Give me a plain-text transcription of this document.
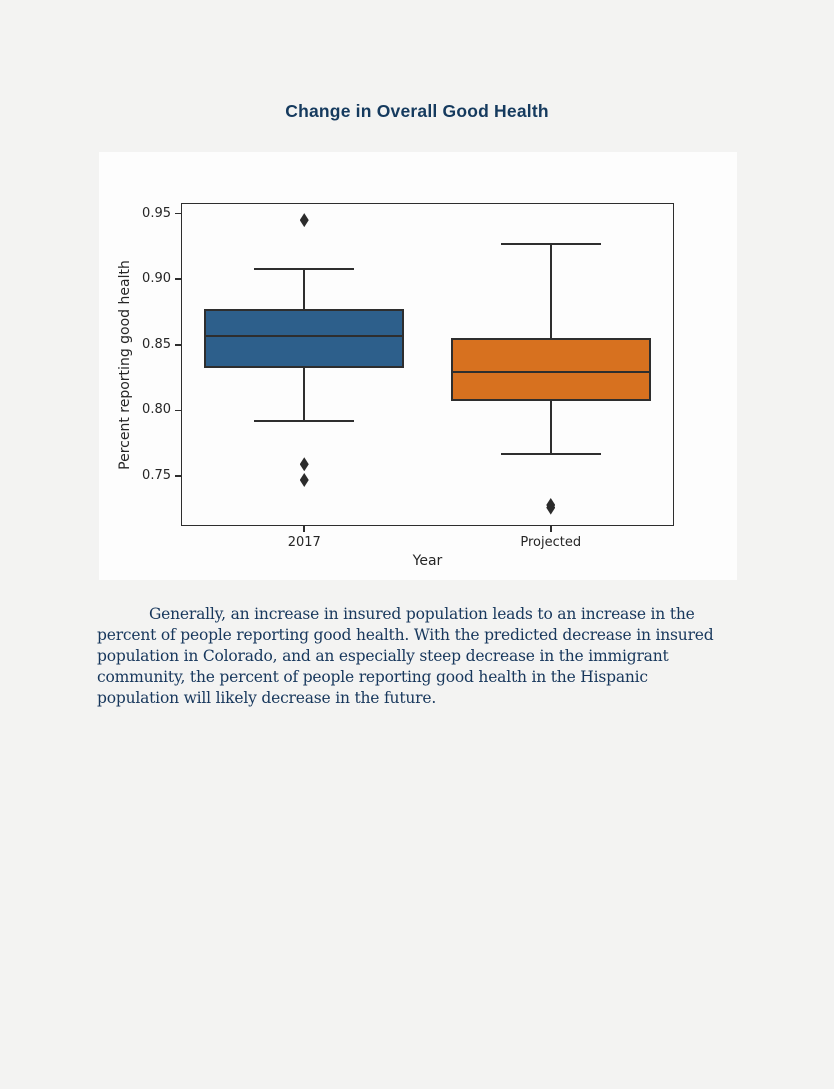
Change in Overall Good Health
0.75
0.80
0.85
0.90
0.95
2017	Projected
Year
Percent reporting good health

Generally, an increase in insured population leads to an increase in the percent of people reporting good health. With the predicted decrease in insured population in Colorado, and an especially steep decrease in the immigrant community, the percent of people reporting good health in the Hispanic population will likely decrease in the future.
